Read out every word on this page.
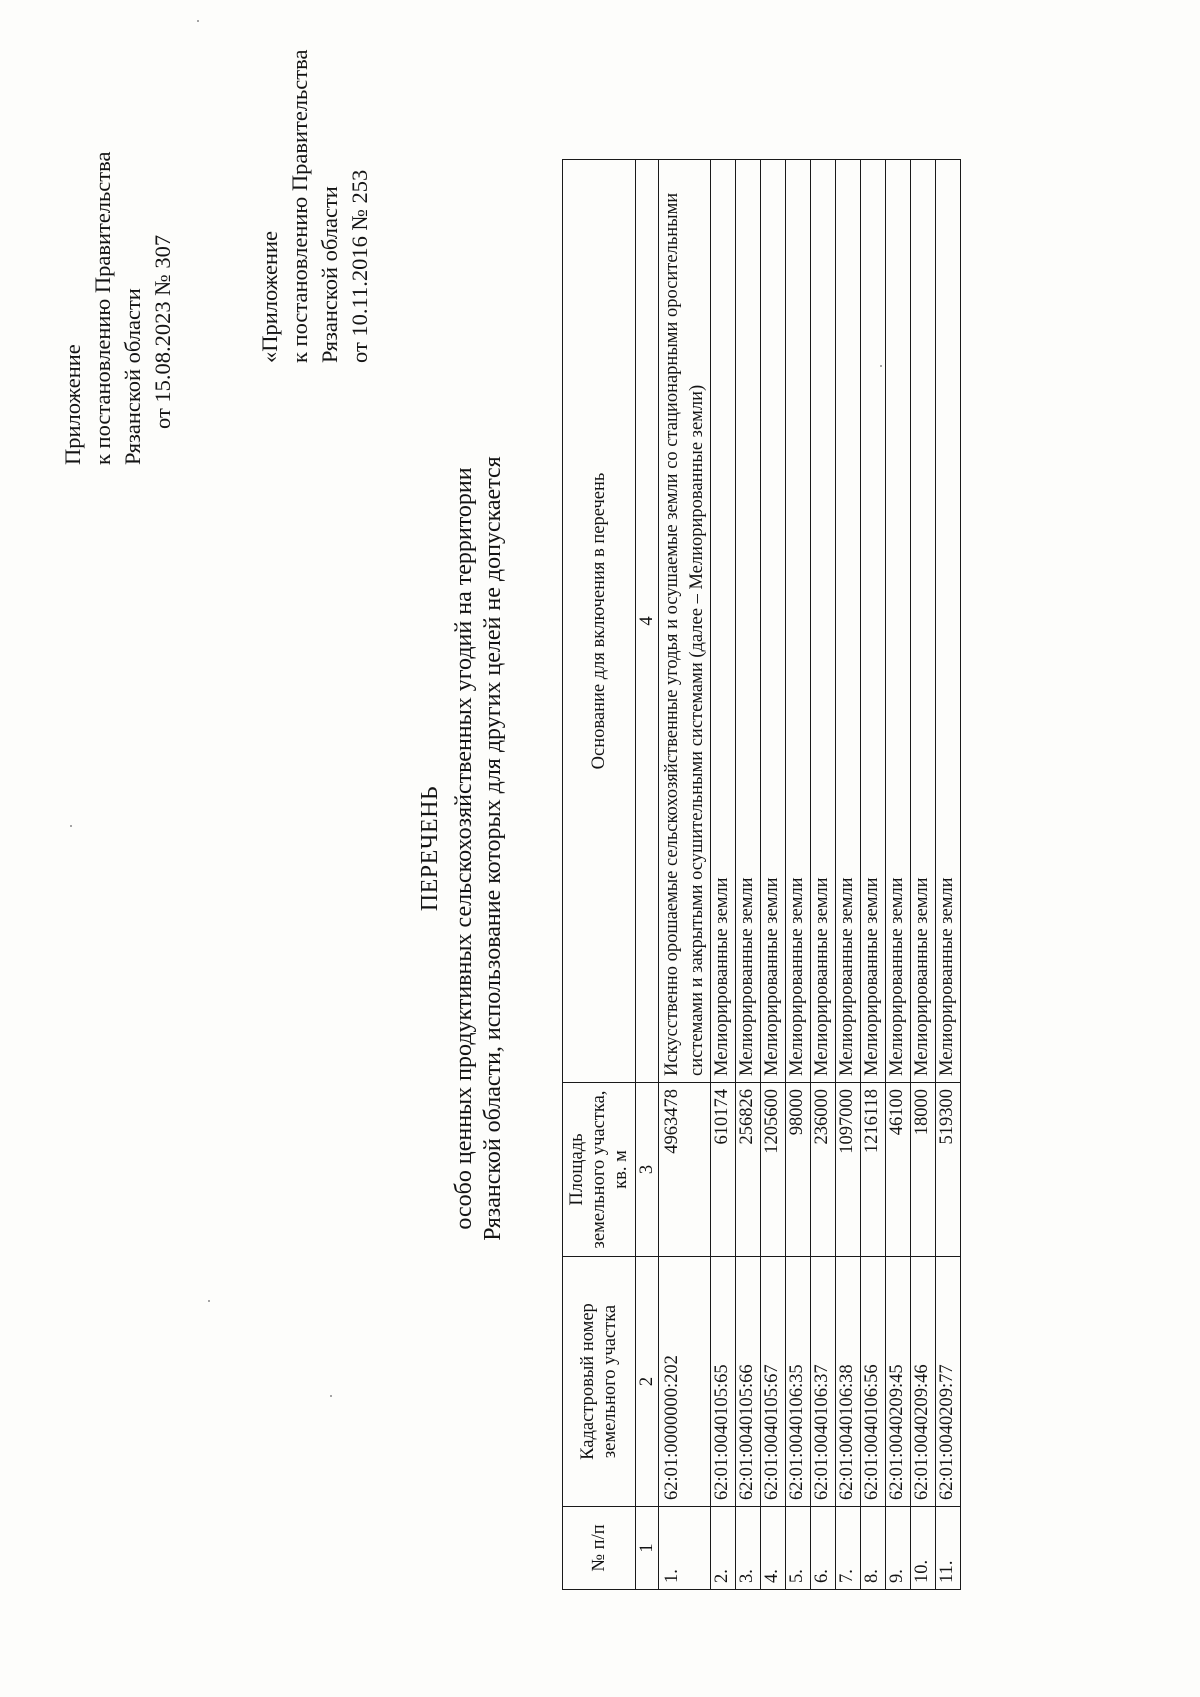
Приложение к постановлению Правительства Рязанской области от 15.08.2023 № 307	«Приложение к постановлению Правительства Рязанской области от 10.11.2016 № 253
ПЕРЕЧЕНЬ особо ценных продуктивных сельскохозяйственных угодий на территории Рязанской области, использование которых для других целей не допускается
№ п/п	Кадастровый номер земельного участка	Площадь земельного участка, кв. м	Основание для включения в перечень
1	2	3	4
1.	62:01:0000000:202	4963478	Искусственно орошаемые сельскохозяйственные угодья и осушаемые земли со стационарными оросительными системами и закрытыми осушительными системами (далее – Мелиорированные земли)
2.	62:01:0040105:65	610174	Мелиорированные земли
3.	62:01:0040105:66	256826	Мелиорированные земли
4.	62:01:0040105:67	1205600	Мелиорированные земли
5.	62:01:0040106:35	98000	Мелиорированные земли
6.	62:01:0040106:37	236000	Мелиорированные земли
7.	62:01:0040106:38	1097000	Мелиорированные земли
8.	62:01:0040106:56	1216118	Мелиорированные земли
9.	62:01:0040209:45	46100	Мелиорированные земли
10.	62:01:0040209:46	18000	Мелиорированные земли
11.	62:01:0040209:77	519300	Мелиорированные земли
